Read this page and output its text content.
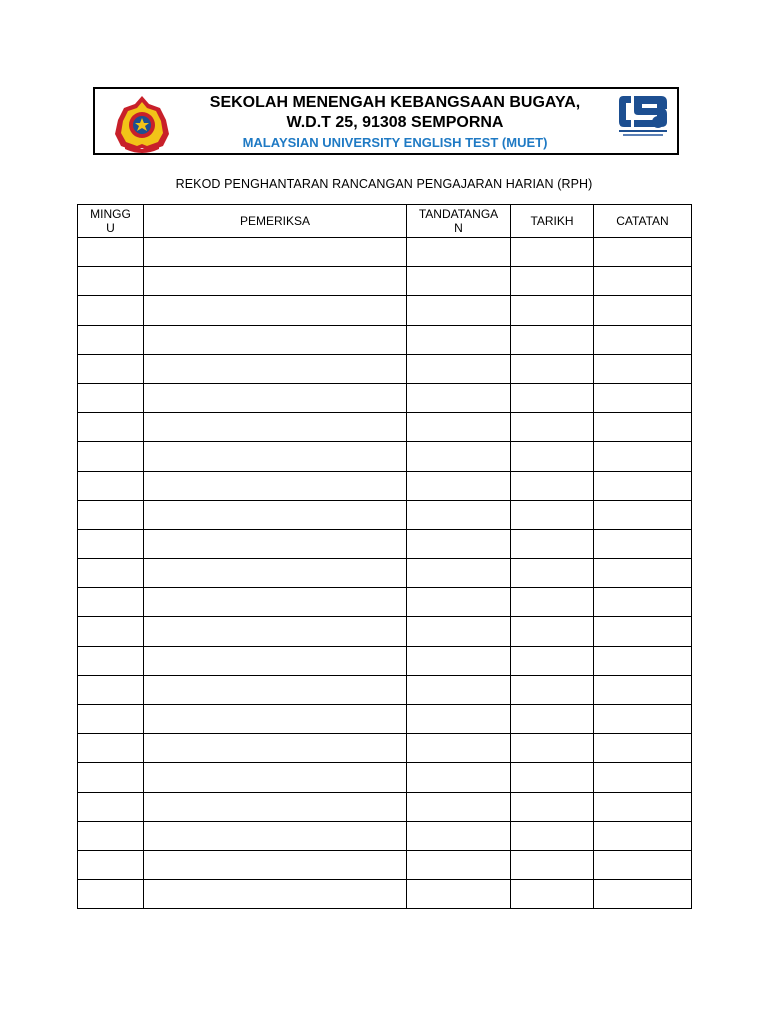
SEKOLAH MENENGAH KEBANGSAAN BUGAYA,
W.D.T 25, 91308 SEMPORNA
MALAYSIAN UNIVERSITY ENGLISH TEST (MUET)
REKOD PENGHANTARAN RANCANGAN PENGAJARAN HARIAN (RPH)
MINGGU	PEMERIKSA	TANDATANGAN	TARIKH	CATATAN
